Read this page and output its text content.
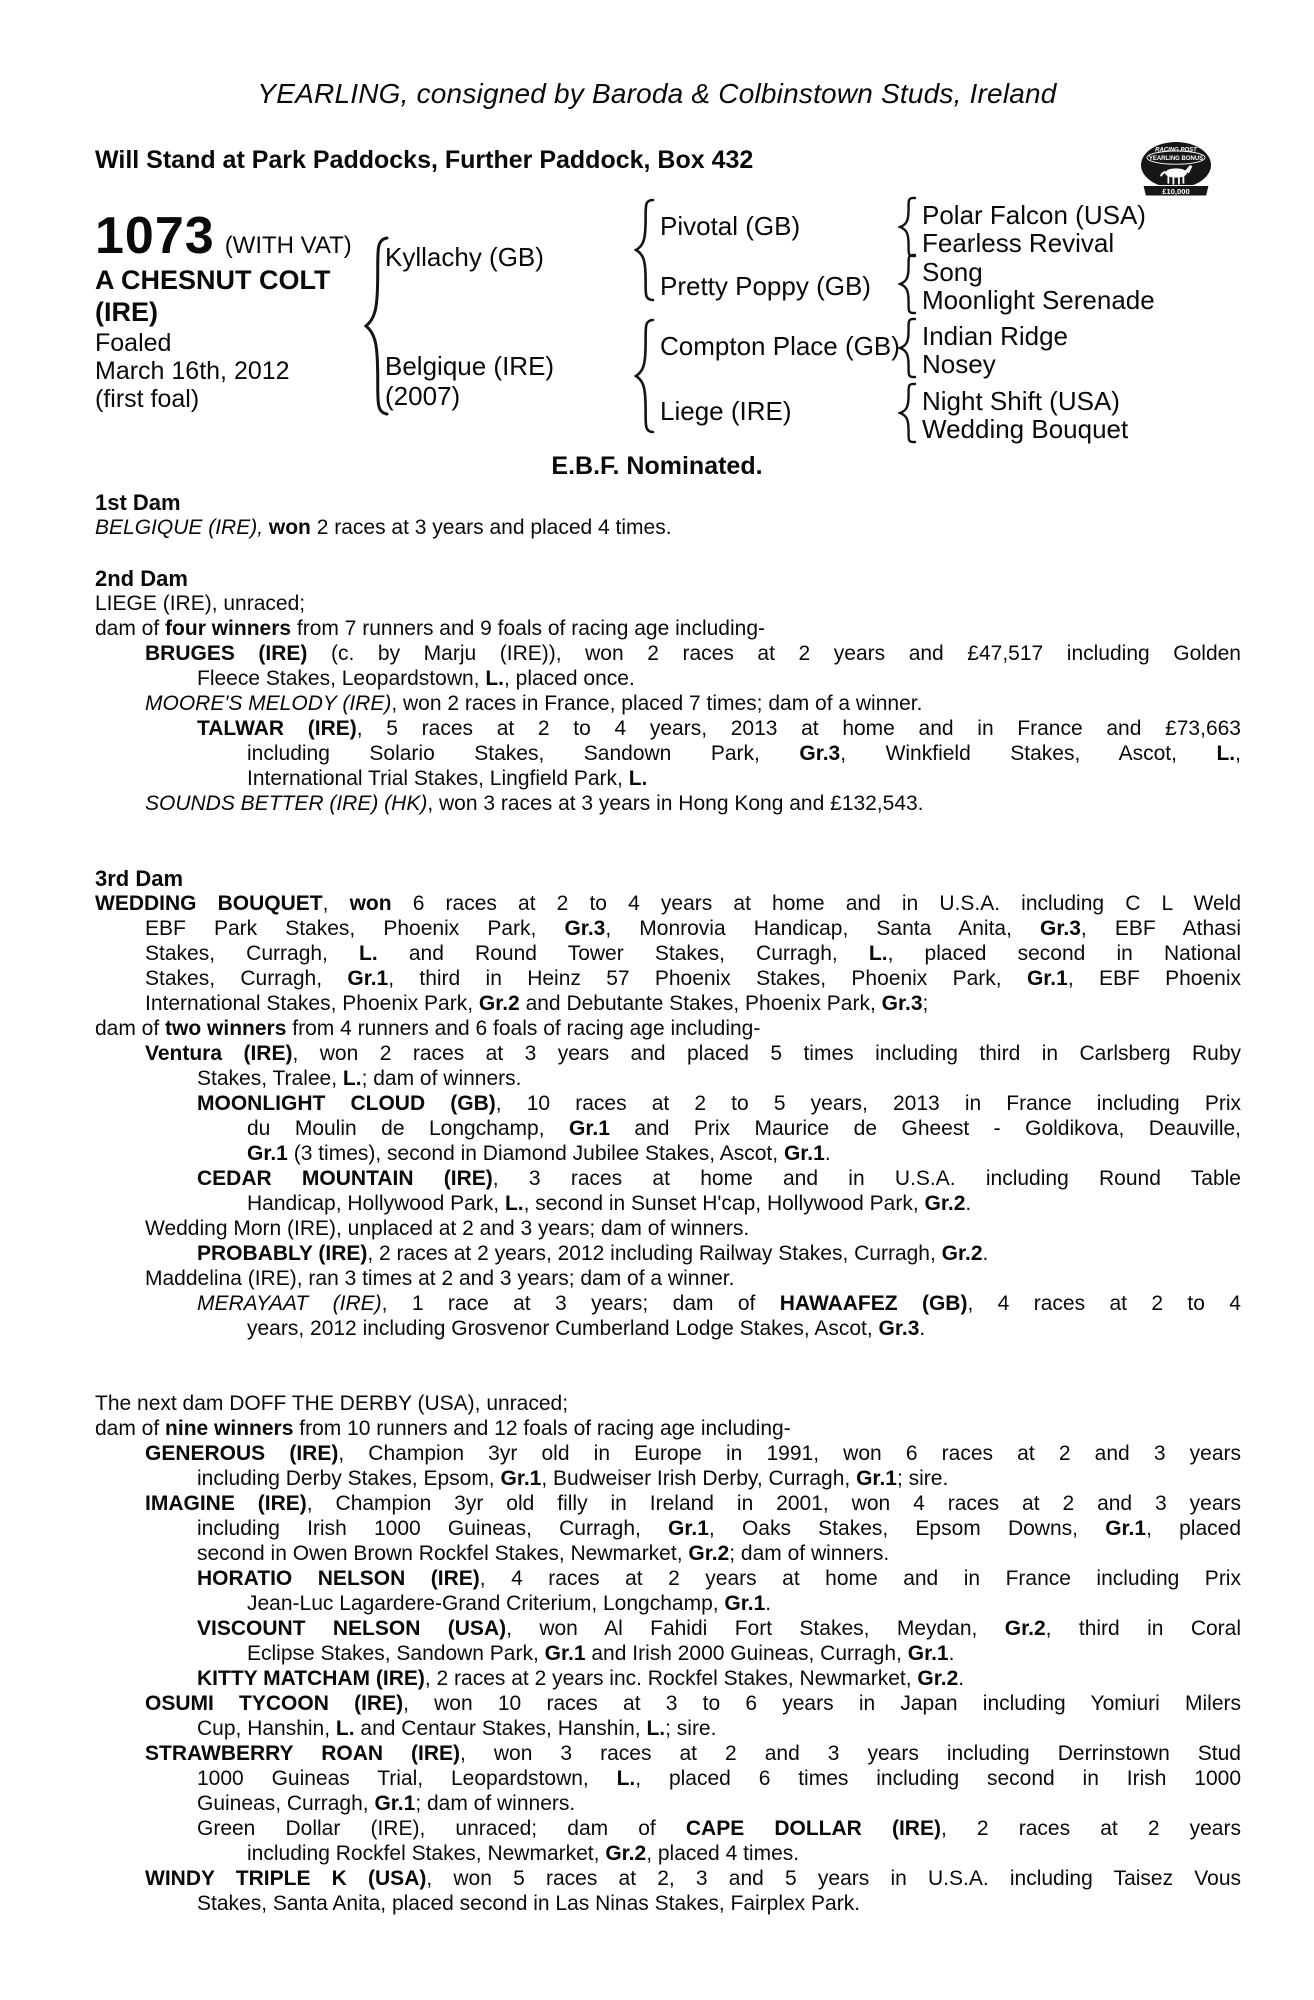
YEARLING, consigned by Baroda & Colbinstown Studs, Ireland
Will Stand at Park Paddocks, Further Paddock, Box 432	RACING POST
YEARLING BONUS
£10,000
1073 (WITH VAT)
A CHESNUT COLT
(IRE)
Foaled
March 16th, 2012
(first foal)
Kyllachy (GB)
Belgique (IRE)
(2007)
Pivotal (GB)
Pretty Poppy (GB)
Compton Place (GB)
Liege (IRE)
Polar Falcon (USA)
Fearless Revival
Song
Moonlight Serenade
Indian Ridge
Nosey
Night Shift (USA)
Wedding Bouquet
E.B.F. Nominated.
1st Dam
BELGIQUE (IRE), won 2 races at 3 years and placed 4 times.
2nd Dam
LIEGE (IRE), unraced;
dam of four winners from 7 runners and 9 foals of racing age including-
BRUGES (IRE) (c. by Marju (IRE)), won 2 races at 2 years and £47,517 including Golden
Fleece Stakes, Leopardstown, L., placed once.
MOORE'S MELODY (IRE), won 2 races in France, placed 7 times; dam of a winner.
TALWAR (IRE), 5 races at 2 to 4 years, 2013 at home and in France and £73,663
including Solario Stakes, Sandown Park, Gr.3, Winkfield Stakes, Ascot, L.,
International Trial Stakes, Lingfield Park, L.
SOUNDS BETTER (IRE) (HK), won 3 races at 3 years in Hong Kong and £132,543.
3rd Dam
WEDDING BOUQUET, won 6 races at 2 to 4 years at home and in U.S.A. including C L Weld
EBF Park Stakes, Phoenix Park, Gr.3, Monrovia Handicap, Santa Anita, Gr.3, EBF Athasi
Stakes, Curragh, L. and Round Tower Stakes, Curragh, L., placed second in National
Stakes, Curragh, Gr.1, third in Heinz 57 Phoenix Stakes, Phoenix Park, Gr.1, EBF Phoenix
International Stakes, Phoenix Park, Gr.2 and Debutante Stakes, Phoenix Park, Gr.3;
dam of two winners from 4 runners and 6 foals of racing age including-
Ventura (IRE), won 2 races at 3 years and placed 5 times including third in Carlsberg Ruby
Stakes, Tralee, L.; dam of winners.
MOONLIGHT CLOUD (GB), 10 races at 2 to 5 years, 2013 in France including Prix
du Moulin de Longchamp, Gr.1 and Prix Maurice de Gheest - Goldikova, Deauville,
Gr.1 (3 times), second in Diamond Jubilee Stakes, Ascot, Gr.1.
CEDAR MOUNTAIN (IRE), 3 races at home and in U.S.A. including Round Table
Handicap, Hollywood Park, L., second in Sunset H'cap, Hollywood Park, Gr.2.
Wedding Morn (IRE), unplaced at 2 and 3 years; dam of winners.
PROBABLY (IRE), 2 races at 2 years, 2012 including Railway Stakes, Curragh, Gr.2.
Maddelina (IRE), ran 3 times at 2 and 3 years; dam of a winner.
MERAYAAT (IRE), 1 race at 3 years; dam of HAWAAFEZ (GB), 4 races at 2 to 4
years, 2012 including Grosvenor Cumberland Lodge Stakes, Ascot, Gr.3.
The next dam DOFF THE DERBY (USA), unraced;
dam of nine winners from 10 runners and 12 foals of racing age including-
GENEROUS (IRE), Champion 3yr old in Europe in 1991, won 6 races at 2 and 3 years
including Derby Stakes, Epsom, Gr.1, Budweiser Irish Derby, Curragh, Gr.1; sire.
IMAGINE (IRE), Champion 3yr old filly in Ireland in 2001, won 4 races at 2 and 3 years
including Irish 1000 Guineas, Curragh, Gr.1, Oaks Stakes, Epsom Downs, Gr.1, placed
second in Owen Brown Rockfel Stakes, Newmarket, Gr.2; dam of winners.
HORATIO NELSON (IRE), 4 races at 2 years at home and in France including Prix
Jean-Luc Lagardere-Grand Criterium, Longchamp, Gr.1.
VISCOUNT NELSON (USA), won Al Fahidi Fort Stakes, Meydan, Gr.2, third in Coral
Eclipse Stakes, Sandown Park, Gr.1 and Irish 2000 Guineas, Curragh, Gr.1.
KITTY MATCHAM (IRE), 2 races at 2 years inc. Rockfel Stakes, Newmarket, Gr.2.
OSUMI TYCOON (IRE), won 10 races at 3 to 6 years in Japan including Yomiuri Milers
Cup, Hanshin, L. and Centaur Stakes, Hanshin, L.; sire.
STRAWBERRY ROAN (IRE), won 3 races at 2 and 3 years including Derrinstown Stud
1000 Guineas Trial, Leopardstown, L., placed 6 times including second in Irish 1000
Guineas, Curragh, Gr.1; dam of winners.
Green Dollar (IRE), unraced; dam of CAPE DOLLAR (IRE), 2 races at 2 years
including Rockfel Stakes, Newmarket, Gr.2, placed 4 times.
WINDY TRIPLE K (USA), won 5 races at 2, 3 and 5 years in U.S.A. including Taisez Vous
Stakes, Santa Anita, placed second in Las Ninas Stakes, Fairplex Park.
